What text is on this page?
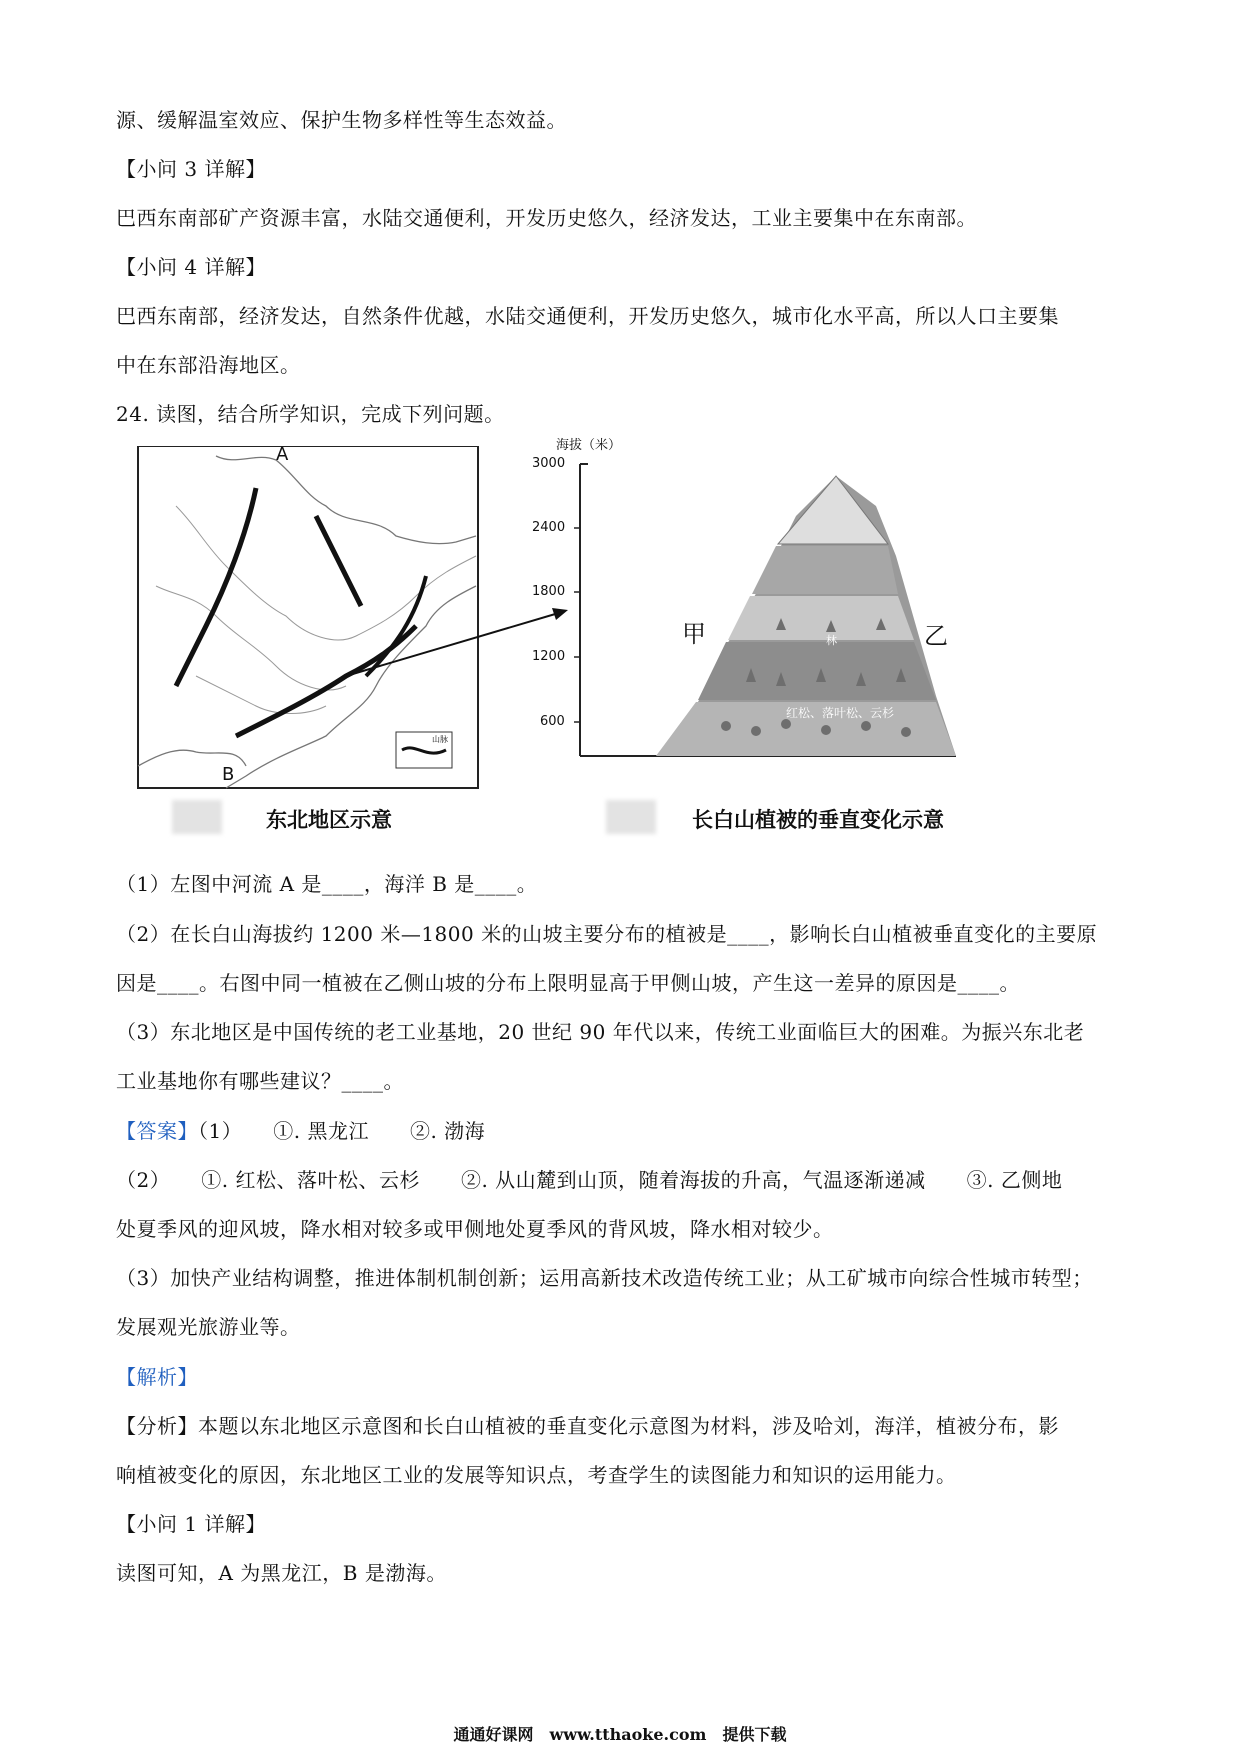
源、缓解温室效应、保护生物多样性等生态效益。
【小问 3 详解】
巴西东南部矿产资源丰富，水陆交通便利，开发历史悠久，经济发达，工业主要集中在东南部。
【小问 4 详解】
巴西东南部，经济发达，自然条件优越，水陆交通便利，开发历史悠久，城市化水平高，所以人口主要集
中在东部沿海地区。
24. 读图，结合所学知识，完成下列问题。
A
B
山脉
海拔（米）
3000
2400
1800
1200
600
甲	乙
林
红松、落叶松、云杉
针叶林和落叶阔叶混交林
东北地区示意	长白山植被的垂直变化示意
（1）左图中河流 A 是____，海洋 B 是____。
（2）在长白山海拔约 1200 米—1800 米的山坡主要分布的植被是____，影响长白山植被垂直变化的主要原
因是____。右图中同一植被在乙侧山坡的分布上限明显高于甲侧山坡，产生这一差异的原因是____。
（3）东北地区是中国传统的老工业基地，20 世纪 90 年代以来，传统工业面临巨大的困难。为振兴东北老
工业基地你有哪些建议？____。
【答案】（1）　　①. 黑龙江　　②. 渤海
（2）　　①. 红松、落叶松、云杉　　②. 从山麓到山顶，随着海拔的升高，气温逐渐递减　　③. 乙侧地
处夏季风的迎风坡，降水相对较多或甲侧地处夏季风的背风坡，降水相对较少。
（3）加快产业结构调整，推进体制机制创新；运用高新技术改造传统工业；从工矿城市向综合性城市转型；
发展观光旅游业等。
【解析】
【分析】本题以东北地区示意图和长白山植被的垂直变化示意图为材料，涉及哈刘，海洋，植被分布，影
响植被变化的原因，东北地区工业的发展等知识点，考查学生的读图能力和知识的运用能力。
【小问 1 详解】
读图可知，A 为黑龙江，B 是渤海。
通通好课网　www.tthaoke.com　提供下载
